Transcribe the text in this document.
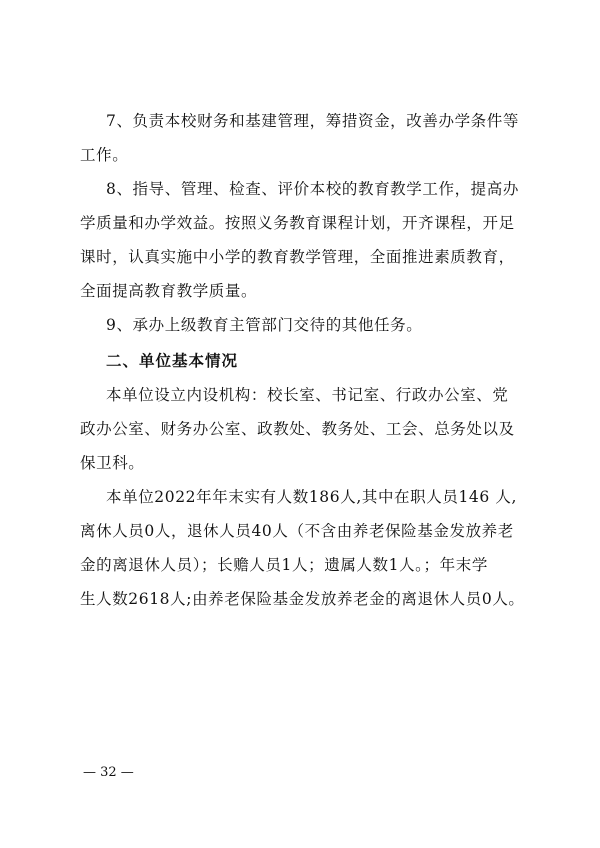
7、负责本校财务和基建管理，筹措资金，改善办学条件等
工作。
8、指导、管理、检查、评价本校的教育教学工作，提高办
学质量和办学效益。按照义务教育课程计划，开齐课程，开足
课时，认真实施中小学的教育教学管理，全面推进素质教育，
全面提高教育教学质量。
9、承办上级教育主管部门交待的其他任务。
二、单位基本情况
本单位设立内设机构：校长室、书记室、行政办公室、党
政办公室、财务办公室、政教处、教务处、工会、总务处以及
保卫科。
本单位2022年年末实有人数186人,其中在职人员146 人,
离休人员0人，退休人员40人（不含由养老保险基金发放养老
金的离退休人员）；长赡人员1人；遗属人数1人。；年末学
生人数2618人;由养老保险基金发放养老金的离退休人员0人。
— 32 —
